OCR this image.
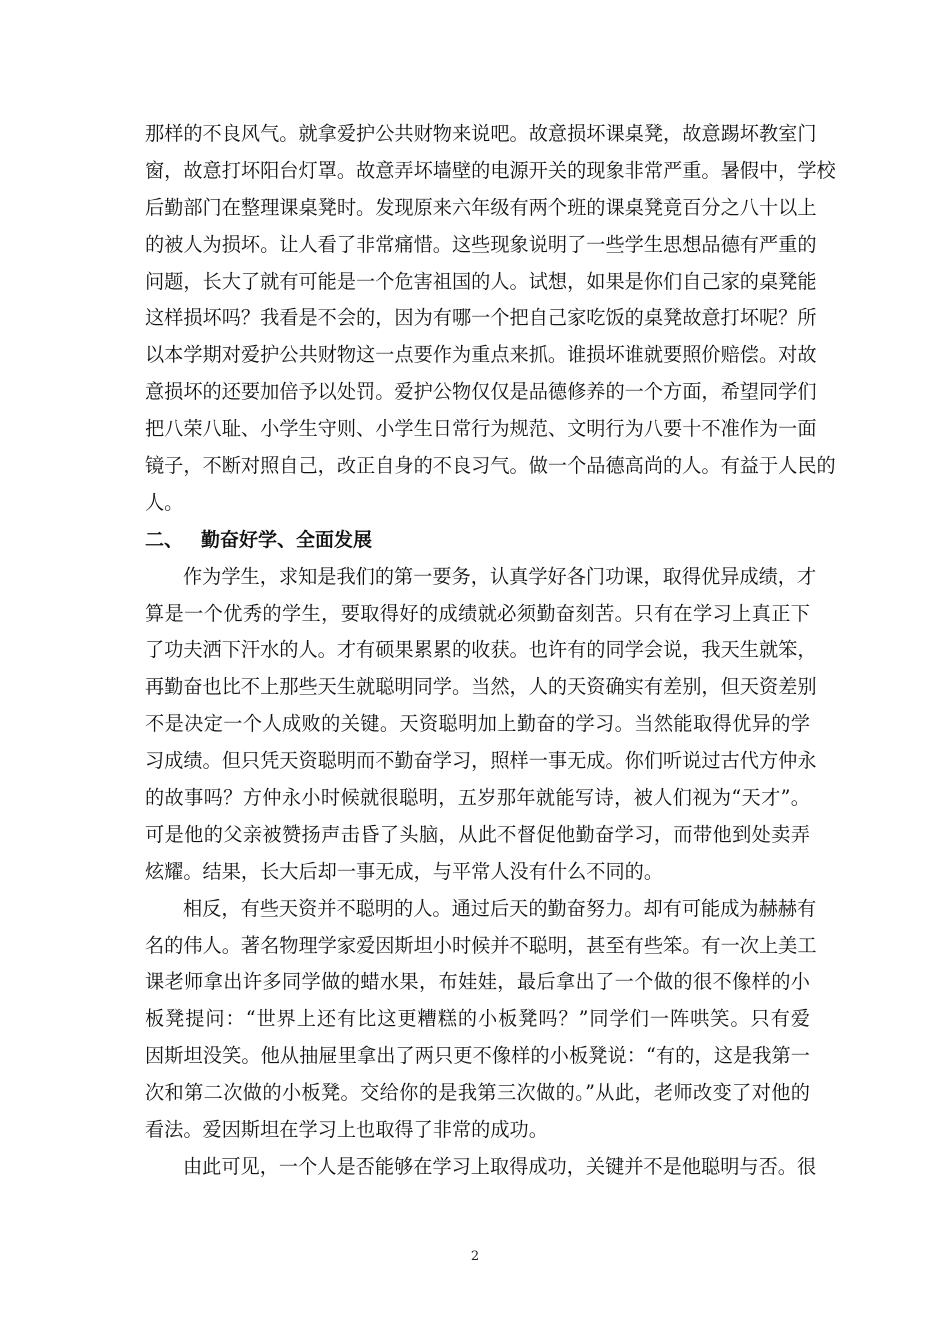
那样的不良风气。就拿爱护公共财物来说吧。故意损坏课桌凳，故意踢坏教室门
窗，故意打坏阳台灯罩。故意弄坏墙壁的电源开关的现象非常严重。暑假中，学校
后勤部门在整理课桌凳时。发现原来六年级有两个班的课桌凳竟百分之八十以上
的被人为损坏。让人看了非常痛惜。这些现象说明了一些学生思想品德有严重的
问题，长大了就有可能是一个危害祖国的人。试想，如果是你们自己家的桌凳能
这样损坏吗？我看是不会的，因为有哪一个把自己家吃饭的桌凳故意打坏呢？所
以本学期对爱护公共财物这一点要作为重点来抓。谁损坏谁就要照价赔偿。对故
意损坏的还要加倍予以处罚。爱护公物仅仅是品德修养的一个方面，希望同学们
把八荣八耻、小学生守则、小学生日常行为规范、文明行为八要十不准作为一面
镜子，不断对照自己，改正自身的不良习气。做一个品德高尚的人。有益于人民的
人。
二、 勤奋好学、全面发展
作为学生，求知是我们的第一要务，认真学好各门功课，取得优异成绩，才
算是一个优秀的学生，要取得好的成绩就必须勤奋刻苦。只有在学习上真正下
了功夫洒下汗水的人。才有硕果累累的收获。也许有的同学会说，我天生就笨，
再勤奋也比不上那些天生就聪明同学。当然，人的天资确实有差别，但天资差别
不是决定一个人成败的关键。天资聪明加上勤奋的学习。当然能取得优异的学
习成绩。但只凭天资聪明而不勤奋学习，照样一事无成。你们听说过古代方仲永
的故事吗？方仲永小时候就很聪明，五岁那年就能写诗，被人们视为“天才”。
可是他的父亲被赞扬声击昏了头脑，从此不督促他勤奋学习，而带他到处卖弄
炫耀。结果，长大后却一事无成，与平常人没有什么不同的。
相反，有些天资并不聪明的人。通过后天的勤奋努力。却有可能成为赫赫有
名的伟人。著名物理学家爱因斯坦小时候并不聪明，甚至有些笨。有一次上美工
课老师拿出许多同学做的蜡水果，布娃娃，最后拿出了一个做的很不像样的小
板凳提问：“世界上还有比这更糟糕的小板凳吗？”同学们一阵哄笑。只有爱
因斯坦没笑。他从抽屉里拿出了两只更不像样的小板凳说：“有的，这是我第一
次和第二次做的小板凳。交给你的是我第三次做的。”从此，老师改变了对他的
看法。爱因斯坦在学习上也取得了非常的成功。
由此可见，一个人是否能够在学习上取得成功，关键并不是他聪明与否。很
2
